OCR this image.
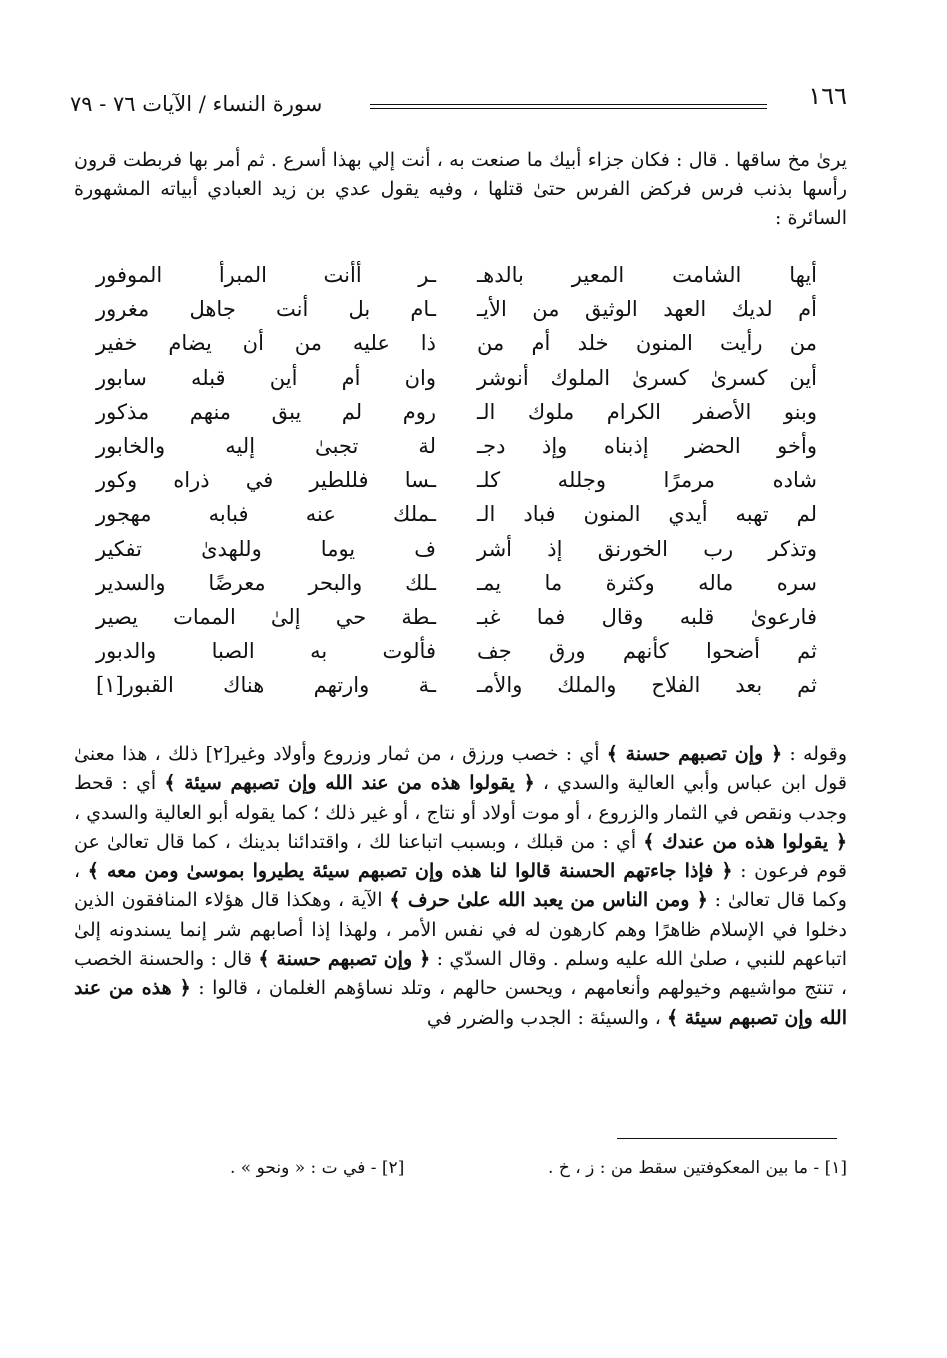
١٦٦
سورة النساء / الآيات ٧٦ - ٧٩

يرىٰ مخ ساقها . قال : فكان جزاء أبيك ما صنعت به ، أنت إلي بهذا أسرع . ثم أمر بها فربطت قرون رأسها بذنب فرس فركض الفرس حتىٰ قتلها ، وفيه يقول عدي بن زيد العبادي أبياته المشهورة السائرة :

أيها الشامت المعير بالدهـ
ـر أأنت المبرأ الموفور
أم لديك العهد الوثيق من الأيـ
ـام بل أنت جاهل مغرور
من رأيت المنون خلد أم من
ذا عليه من أن يضام خفير
أين كسرىٰ كسرىٰ الملوك أنوشر
وان أم أين قبله سابور
وبنو الأصفر الكرام ملوك الـ
روم لم يبق منهم مذكور
وأخو الحضر إذبناه وإذ دجـ
لة تجبىٰ إليه والخابور
شاده مرمرًا وجلله كلـ
ـسا فللطير في ذراه وكور
لم تهبه أيدي المنون فباد الـ
ـملك عنه فبابه مهجور
وتذكر رب الخورنق إذ أشر
ف يوما وللهدىٰ تفكير
سره ماله وكثرة ما يمـ
ـلك والبحر معرضًا والسدير
فارعوىٰ قلبه وقال فما غبـ
ـطة حي إلىٰ الممات يصير
ثم أضحوا كأنهم ورق جف
فألوت به الصبا والدبور
ثم بعد الفلاح والملك والأمـ
ـة وارتهم هناك القبور[١]

وقوله : ﴿ وإن تصبهم حسنة ﴾ أي : خصب ورزق ، من ثمار وزروع وأولاد وغير[٢] ذلك ، هذا معنىٰ قول ابن عباس وأبي العالية والسدي ، ﴿ يقولوا هذه من عند الله وإن تصبهم سيئة ﴾ أي : قحط وجدب ونقص في الثمار والزروع ، أو موت أولاد أو نتاج ، أو غير ذلك ؛ كما يقوله أبو العالية والسدي ، ﴿ يقولوا هذه من عندك ﴾ أي : من قبلك ، وبسبب اتباعنا لك ، واقتدائنا بدينك ، كما قال تعالىٰ عن قوم فرعون : ﴿ فإذا جاءتهم الحسنة قالوا لنا هذه وإن تصبهم سيئة يطيروا بموسىٰ ومن معه ﴾ ، وكما قال تعالىٰ : ﴿ ومن الناس من يعبد الله علىٰ حرف ﴾ الآية ، وهكذا قال هؤلاء المنافقون الذين دخلوا في الإسلام ظاهرًا وهم كارهون له في نفس الأمر ، ولهذا إذا أصابهم شر إنما يسندونه إلىٰ اتباعهم للنبي ، صلىٰ الله عليه وسلم . وقال السدّي : ﴿ وإن تصبهم حسنة ﴾ قال : والحسنة الخصب ، تنتج مواشيهم وخيولهم وأنعامهم ، ويحسن حالهم ، وتلد نساؤهم الغلمان ، قالوا : ﴿ هذه من عند الله وإن تصبهم سيئة ﴾ ، والسيئة : الجدب والضرر في

[١] - ما بين المعكوفتين سقط من : ز ، خ .
[٢] - في ت : « ونحو » .
